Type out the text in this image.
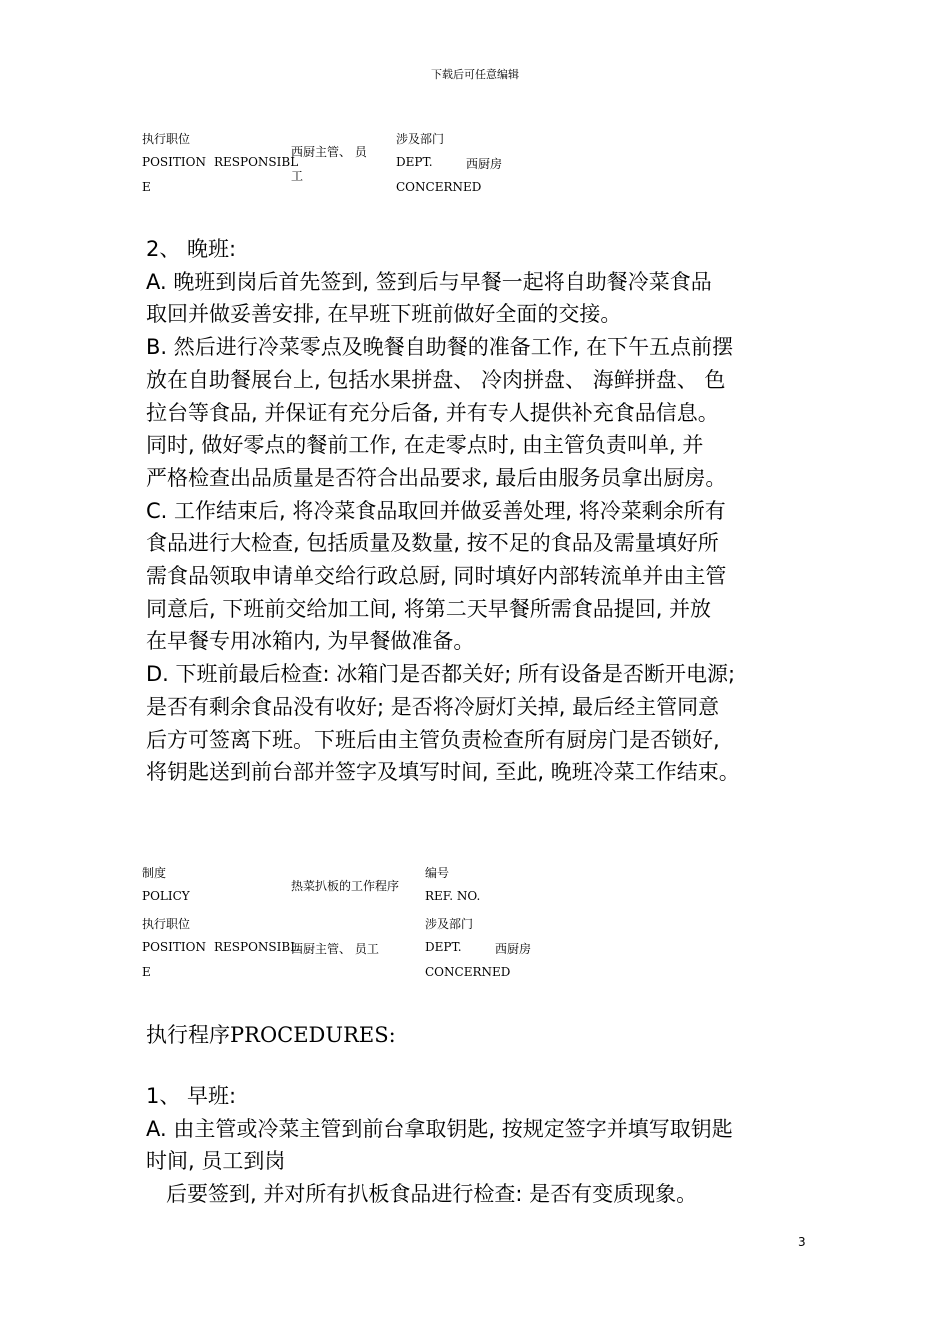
下载后可任意编辑
执行职位
POSITION RESPONSIBL
E
西厨主管、 员
工
涉及部门
DEPT.
CONCERNED
西厨房
2、 晚班:
A. 晚班到岗后首先签到, 签到后与早餐一起将自助餐冷菜食品
取回并做妥善安排, 在早班下班前做好全面的交接。
B. 然后进行冷菜零点及晚餐自助餐的准备工作, 在下午五点前摆
放在自助餐展台上, 包括水果拼盘、 冷肉拼盘、 海鲜拼盘、 色
拉台等食品, 并保证有充分后备, 并有专人提供补充食品信息。
同时, 做好零点的餐前工作, 在走零点时, 由主管负责叫单, 并
严格检查出品质量是否符合出品要求, 最后由服务员拿出厨房。
C. 工作结束后, 将冷菜食品取回并做妥善处理, 将冷菜剩余所有
食品进行大检查, 包括质量及数量, 按不足的食品及需量填好所
需食品领取申请单交给行政总厨, 同时填好内部转流单并由主管
同意后, 下班前交给加工间, 将第二天早餐所需食品提回, 并放
在早餐专用冰箱内, 为早餐做准备。
D. 下班前最后检查: 冰箱门是否都关好; 所有设备是否断开电源;
是否有剩余食品没有收好; 是否将冷厨灯关掉, 最后经主管同意
后方可签离下班。下班后由主管负责检查所有厨房门是否锁好,
将钥匙送到前台部并签字及填写时间, 至此, 晚班冷菜工作结束。
制度
POLICY
热菜扒板的工作程序
编号
REF. NO.
执行职位
POSITION RESPONSIBL
E
西厨主管、 员工
涉及部门
DEPT.
CONCERNED
西厨房
执行程序PROCEDURES:
1、 早班:
A. 由主管或冷菜主管到前台拿取钥匙, 按规定签字并填写取钥匙
时间, 员工到岗
后要签到, 并对所有扒板食品进行检查: 是否有变质现象。
3
